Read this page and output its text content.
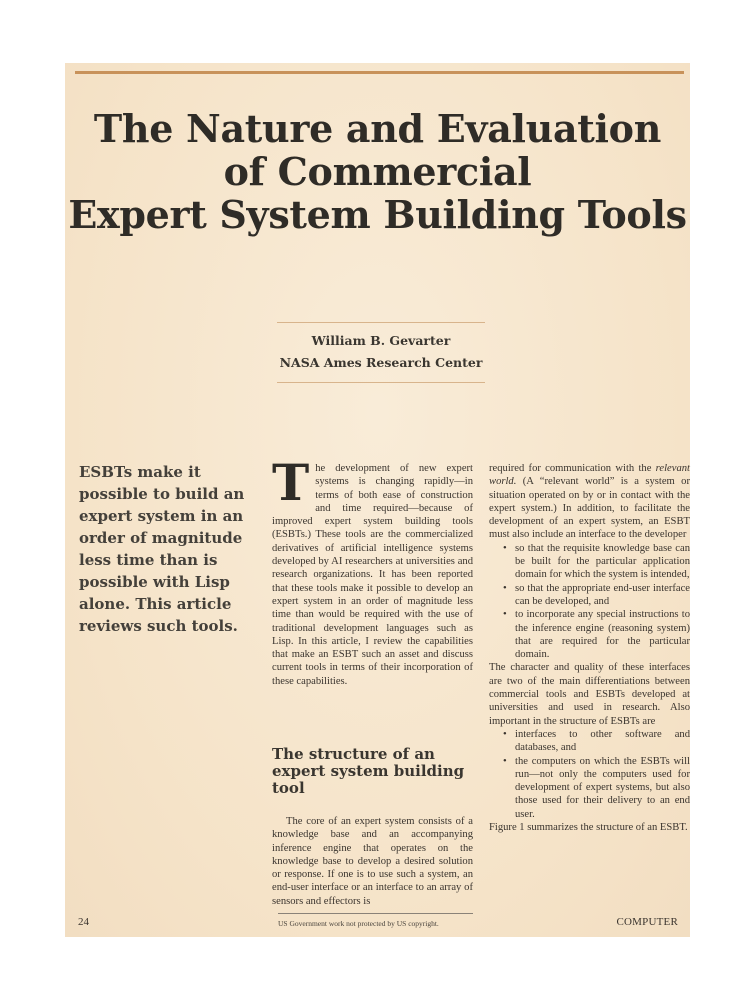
The Nature and Evaluation
of Commercial
Expert System Building Tools
William B. Gevarter
NASA Ames Research Center
ESBTs make it possible to build an expert system in an order of magnitude less time than is possible with Lisp alone. This article reviews such tools.

The development of new expert systems is changing rapidly—in terms of both ease of construction and time required—because of improved expert system building tools (ESBTs.) These tools are the commercialized derivatives of artificial intelligence systems developed by AI researchers at universities and research organizations. It has been reported that these tools make it possible to develop an expert system in an order of magnitude less time than would be required with the use of traditional development languages such as Lisp. In this article, I review the capabilities that make an ESBT such an asset and discuss current tools in terms of their incorporation of these capabilities.

The structure of an expert system building tool

The core of an expert system consists of a knowledge base and an accompanying inference engine that operates on the knowledge base to develop a desired solution or response. If one is to use such a system, an end-user interface or an interface to an array of sensors and effectors is

required for communication with the relevant world. (A “relevant world” is a system or situation operated on by or in contact with the expert system.) In addition, to facilitate the development of an expert system, an ESBT must also include an interface to the developer

• so that the requisite knowledge base can be built for the particular application domain for which the system is intended,
• so that the appropriate end-user interface can be developed, and
• to incorporate any special instructions to the inference engine (reasoning system) that are required for the particular domain.

The character and quality of these interfaces are two of the main differentiations between commercial tools and ESBTs developed at universities and used in research. Also important in the structure of ESBTs are

• interfaces to other software and databases, and
• the computers on which the ESBTs will run—not only the computers used for development of expert systems, but also those used for their delivery to an end user.

Figure 1 summarizes the structure of an ESBT.

US Government work not protected by US copyright.
24	COMPUTER
